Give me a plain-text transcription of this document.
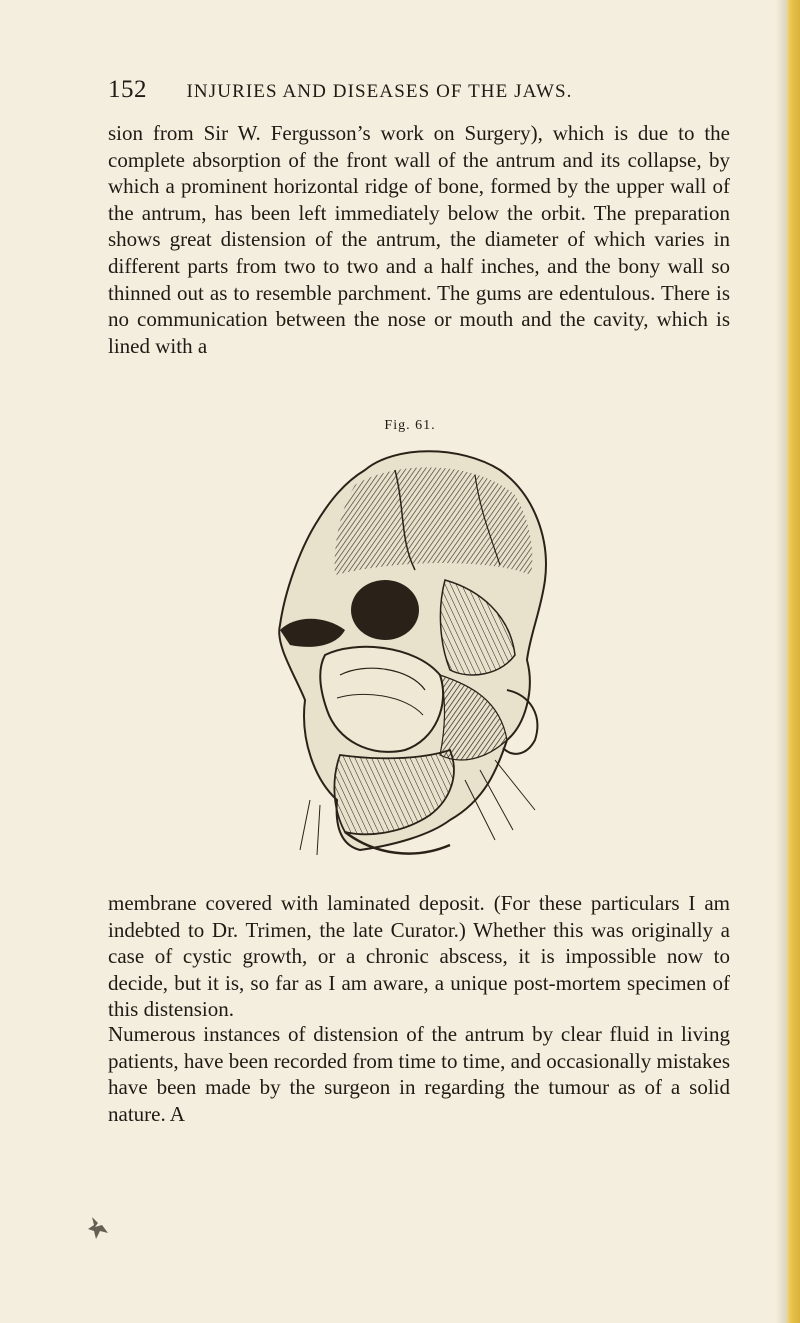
152 INJURIES AND DISEASES OF THE JAWS.

sion from Sir W. Fergusson’s work on Surgery), which is due to the complete absorption of the front wall of the antrum and its collapse, by which a prominent horizontal ridge of bone, formed by the upper wall of the antrum, has been left immediately below the orbit. The preparation shows great distension of the antrum, the diameter of which varies in different parts from two to two and a half inches, and the bony wall so thinned out as to resemble parchment. The gums are edentulous. There is no communication between the nose or mouth and the cavity, which is lined with a

Fig. 61.

membrane covered with laminated deposit. (For these particulars I am indebted to Dr. Trimen, the late Curator.) Whether this was originally a case of cystic growth, or a chronic abscess, it is impossible now to decide, but it is, so far as I am aware, a unique post-mortem specimen of this distension.

Numerous instances of distension of the antrum by clear fluid in living patients, have been recorded from time to time, and occasionally mistakes have been made by the surgeon in regarding the tumour as of a solid nature. A
